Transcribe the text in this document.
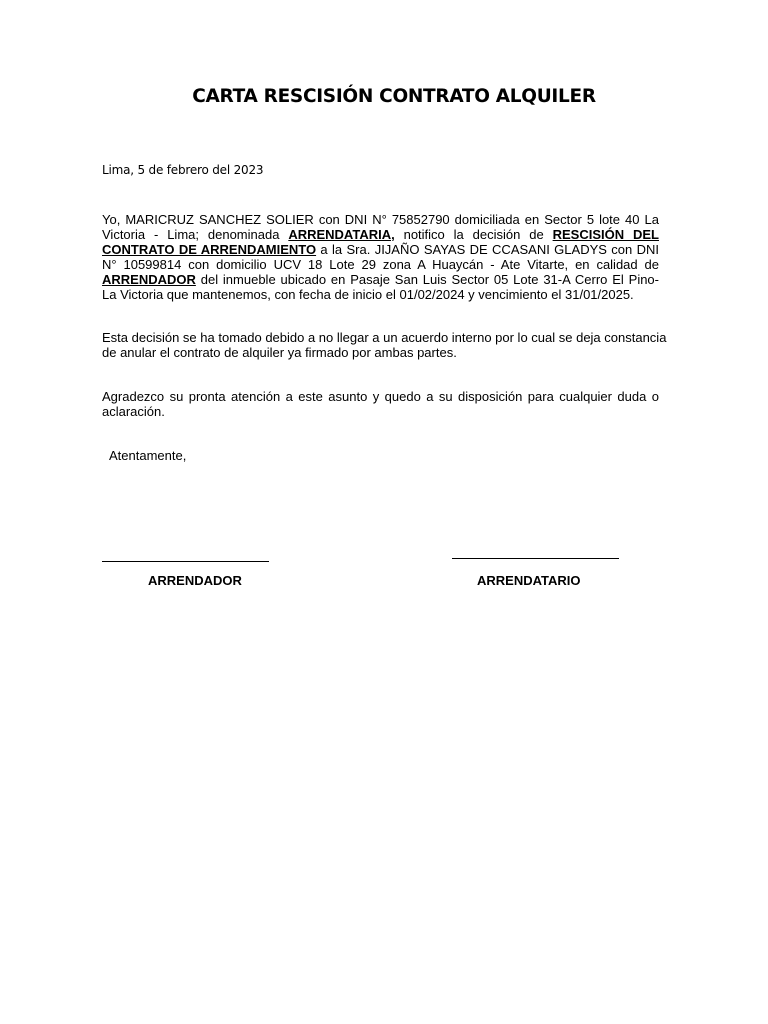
CARTA RESCISIÓN CONTRATO ALQUILER
Lima, 5 de febrero del 2023

Yo, MARICRUZ SANCHEZ SOLIER con DNI N° 75852790 domiciliada en Sector 5 lote 40 La Victoria - Lima; denominada ARRENDATARIA, notifico la decisión de RESCISIÓN DEL CONTRATO DE ARRENDAMIENTO a la Sra. JIJAÑO SAYAS DE CCASANI GLADYS con DNI N° 10599814 con domicilio UCV 18 Lote 29 zona A Huaycán - Ate Vitarte, en calidad de ARRENDADOR del inmueble ubicado en Pasaje San Luis Sector 05 Lote 31-A Cerro El Pino- La Victoria que mantenemos, con fecha de inicio el 01/02/2024 y vencimiento el 31/01/2025.

Esta decisión se ha tomado debido a no llegar a un acuerdo interno por lo cual se deja constancia de anular el contrato de alquiler ya firmado por ambas partes.

Agradezco su pronta atención a este asunto y quedo a su disposición para cualquier duda o aclaración.

Atentamente,
ARRENDADOR	ARRENDATARIO
